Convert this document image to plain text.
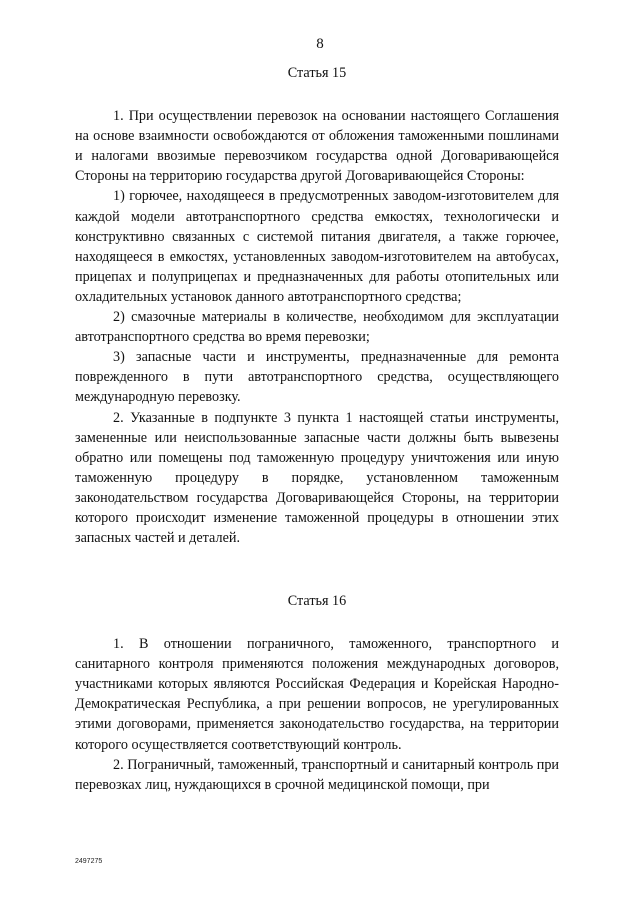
8
Статья 15

1. При осуществлении перевозок на основании настоящего Соглашения на основе взаимности освобождаются от обложения таможенными пошлинами и налогами ввозимые перевозчиком государства одной Договаривающейся Стороны на территорию государства другой Договаривающейся Стороны:

1) горючее, находящееся в предусмотренных заводом-изготовителем для каждой модели автотранспортного средства емкостях, технологически и конструктивно связанных с системой питания двигателя, а также горючее, находящееся в емкостях, установленных заводом-изготовителем на автобусах, прицепах и полуприцепах и предназначенных для работы отопительных или охладительных установок данного автотранспортного средства;

2) смазочные материалы в количестве, необходимом для эксплуатации автотранспортного средства во время перевозки;

3) запасные части и инструменты, предназначенные для ремонта поврежденного в пути автотранспортного средства, осуществляющего международную перевозку.

2. Указанные в подпункте 3 пункта 1 настоящей статьи инструменты, замененные или неиспользованные запасные части должны быть вывезены обратно или помещены под таможенную процедуру уничтожения или иную таможенную процедуру в порядке, установленном таможенным законодательством государства Договаривающейся Стороны, на территории которого происходит изменение таможенной процедуры в отношении этих запасных частей и деталей.

Статья 16

1. В отношении пограничного, таможенного, транспортного и санитарного контроля применяются положения международных договоров, участниками которых являются Российская Федерация и Корейская Народно-Демократическая Республика, а при решении вопросов, не урегулированных этими договорами, применяется законодательство государства, на территории которого осуществляется соответствующий контроль.

2. Пограничный, таможенный, транспортный и санитарный контроль при перевозках лиц, нуждающихся в срочной медицинской помощи, при

2497275
